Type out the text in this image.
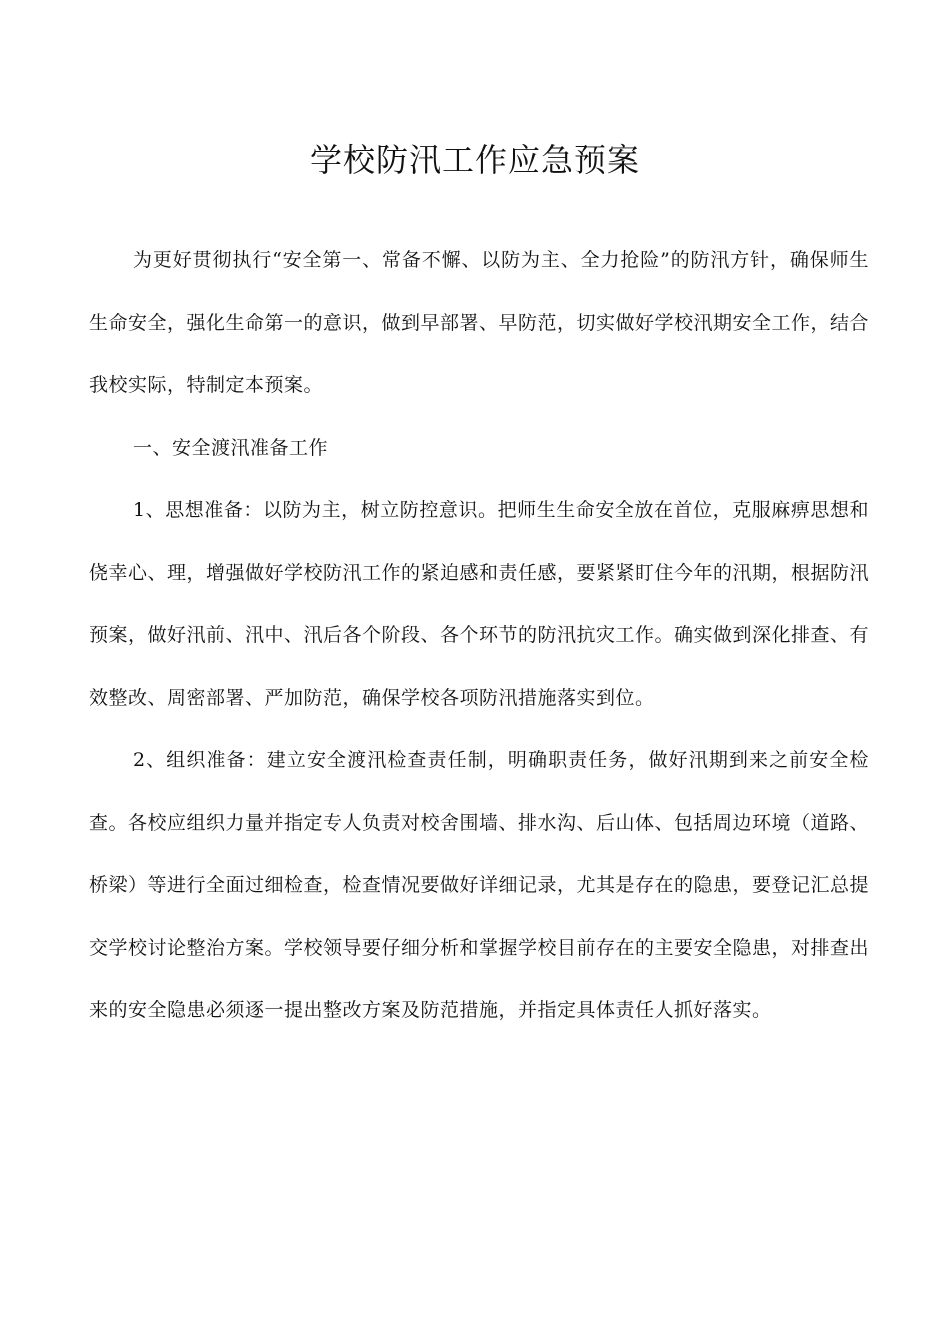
学校防汛工作应急预案

为更好贯彻执行“安全第一、常备不懈、以防为主、全力抢险”的防汛方针，确保师生生命安全，强化生命第一的意识，做到早部署、早防范，切实做好学校汛期安全工作，结合我校实际，特制定本预案。

一、安全渡汛准备工作

1、思想准备：以防为主，树立防控意识。把师生生命安全放在首位，克服麻痹思想和侥幸心、理，增强做好学校防汛工作的紧迫感和责任感，要紧紧盯住今年的汛期，根据防汛预案，做好汛前、汛中、汛后各个阶段、各个环节的防汛抗灾工作。确实做到深化排查、有效整改、周密部署、严加防范，确保学校各项防汛措施落实到位。

2、组织准备：建立安全渡汛检查责任制，明确职责任务，做好汛期到来之前安全检查。各校应组织力量并指定专人负责对校舍围墙、排水沟、后山体、包括周边环境（道路、桥梁）等进行全面过细检查，检查情况要做好详细记录，尤其是存在的隐患，要登记汇总提交学校讨论整治方案。学校领导要仔细分析和掌握学校目前存在的主要安全隐患，对排查出来的安全隐患必须逐一提出整改方案及防范措施，并指定具体责任人抓好落实。
